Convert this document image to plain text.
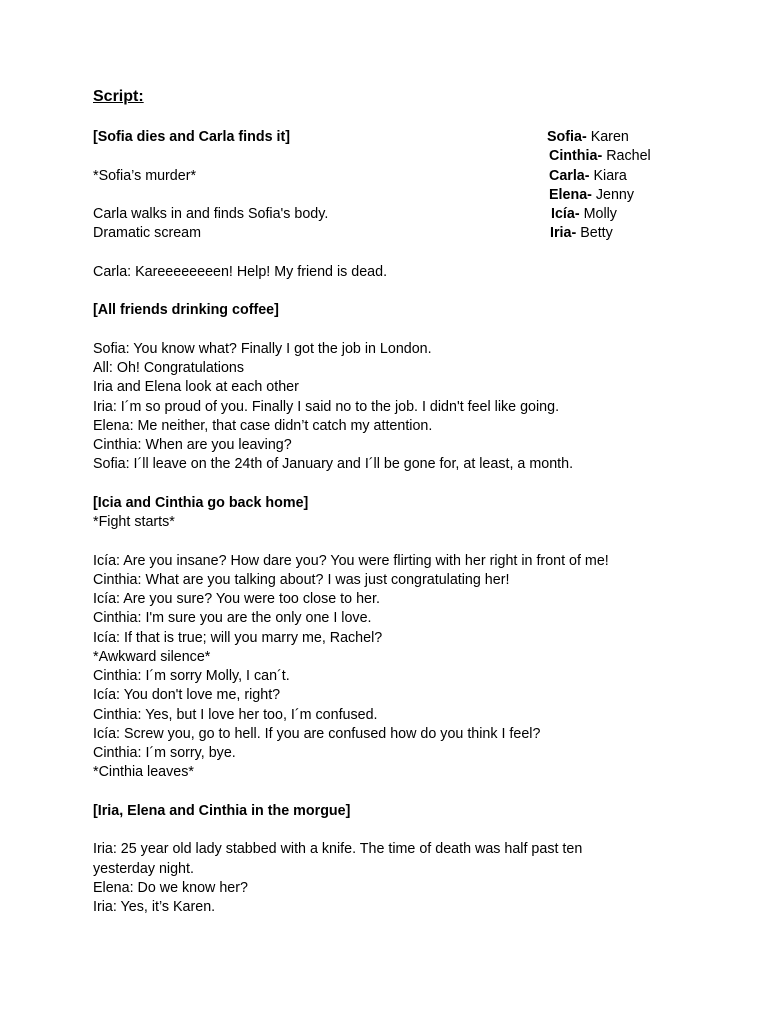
Script:
[Sofia dies and Carla finds it]
*Sofia’s murder*
Carla walks in and finds Sofia's body.
Dramatic scream
Carla: Kareeeeeeeen! Help! My friend is dead.
[All friends drinking coffee]
Sofia: You know what? Finally I got the job in London.
All: Oh! Congratulations
Iria and Elena look at each other
Iria: I´m so proud of you. Finally I said no to the job. I didn't feel like going.
Elena: Me neither, that case didn’t catch my attention.
Cinthia: When are you leaving?
Sofia: I´ll leave on the 24th of January and I´ll be gone for, at least, a month.
[Icia and Cinthia go back home]
*Fight starts*
Icía: Are you insane? How dare you? You were flirting with her right in front of me!
Cinthia: What are you talking about? I was just congratulating her!
Icía: Are you sure? You were too close to her.
Cinthia: I'm sure you are the only one I love.
Icía: If that is true; will you marry me, Rachel?
*Awkward silence*
Cinthia: I´m sorry Molly, I can´t.
Icía: You don't love me, right?
Cinthia: Yes, but I love her too, I´m confused.
Icía: Screw you, go to hell. If you are confused how do you think I feel?
Cinthia: I´m sorry, bye.
*Cinthia leaves*
[Iria, Elena and Cinthia in the morgue]
Iria: 25 year old lady stabbed with a knife. The time of death was half past ten
yesterday night.
Elena: Do we know her?
Iria: Yes, it’s Karen.
Sofia- Karen
Cinthia- Rachel
Carla- Kiara
Elena- Jenny
Icía- Molly
Iria- Betty
